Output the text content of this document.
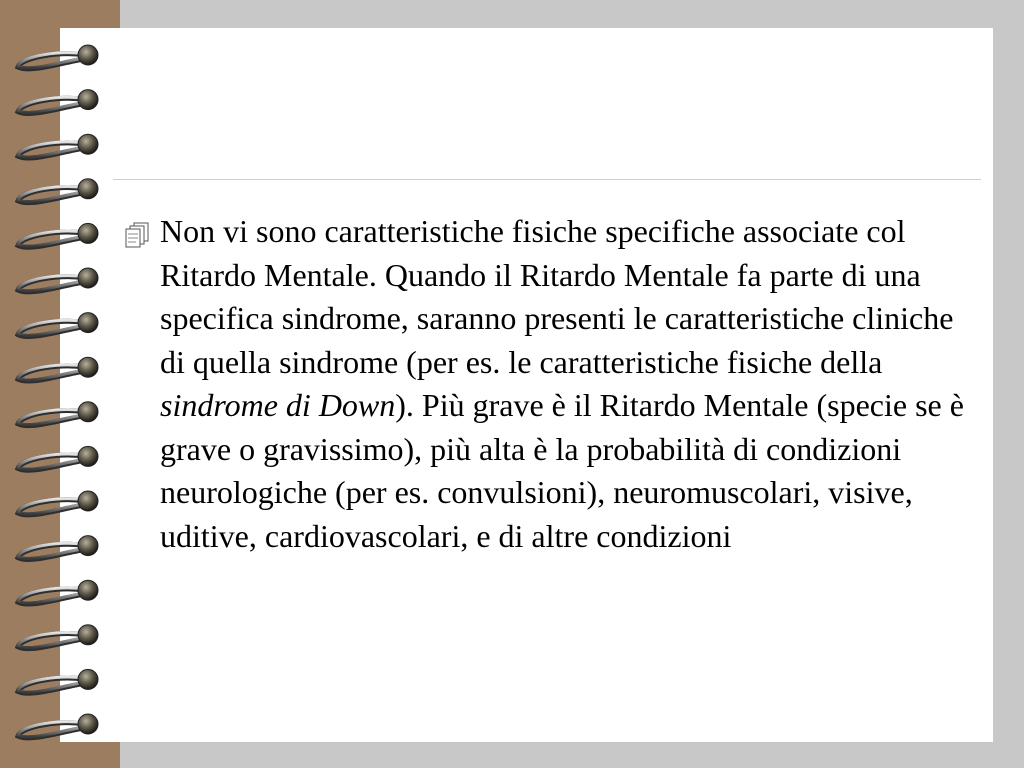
Non vi sono caratteristiche fisiche specifiche associate col Ritardo Mentale. Quando il Ritardo Mentale fa parte di una specifica sindrome, saranno presenti le caratteristiche cliniche di quella sindrome (per es. le caratteristiche fisiche della sindrome di Down). Più grave è il Ritardo Mentale (specie se è grave o gravissimo), più alta è la probabilità di condizioni neurologiche (per es. convulsioni), neuromuscolari, visive, uditive, cardiovascolari, e di altre condizioni
